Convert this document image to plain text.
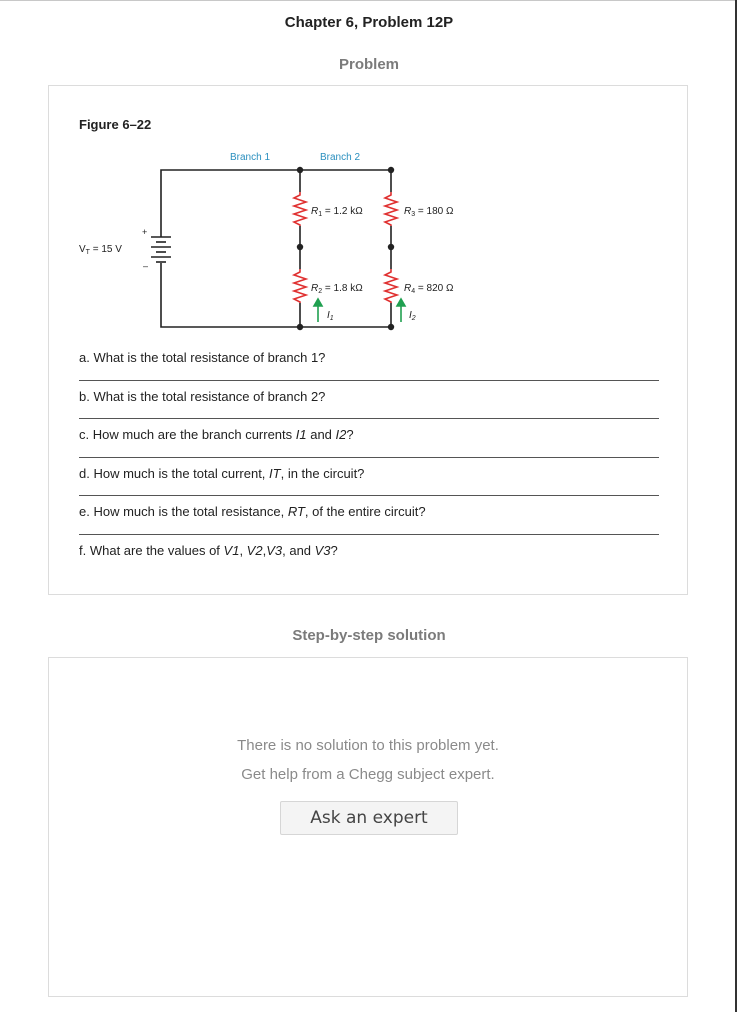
Chapter 6, Problem 12P
Problem
Figure 6–22
Branch 1	Branch 2
+
–
$V_T = 15$ V
$R_1 = 1.2$ kΩ
$R_2 = 1.8$ kΩ
$R_3 = 180$ Ω
$R_4 = 820$ Ω
$I_1$	$I_2$
a. What is the total resistance of branch 1?
b. What is the total resistance of branch 2?
c. How much are the branch currents I1 and I2?
d. How much is the total current, IT, in the circuit?
e. How much is the total resistance, RT, of the entire circuit?
f. What are the values of V1, V2,V3, and V3?
Step-by-step solution
There is no solution to this problem yet.
Get help from a Chegg subject expert.
Ask an expert
